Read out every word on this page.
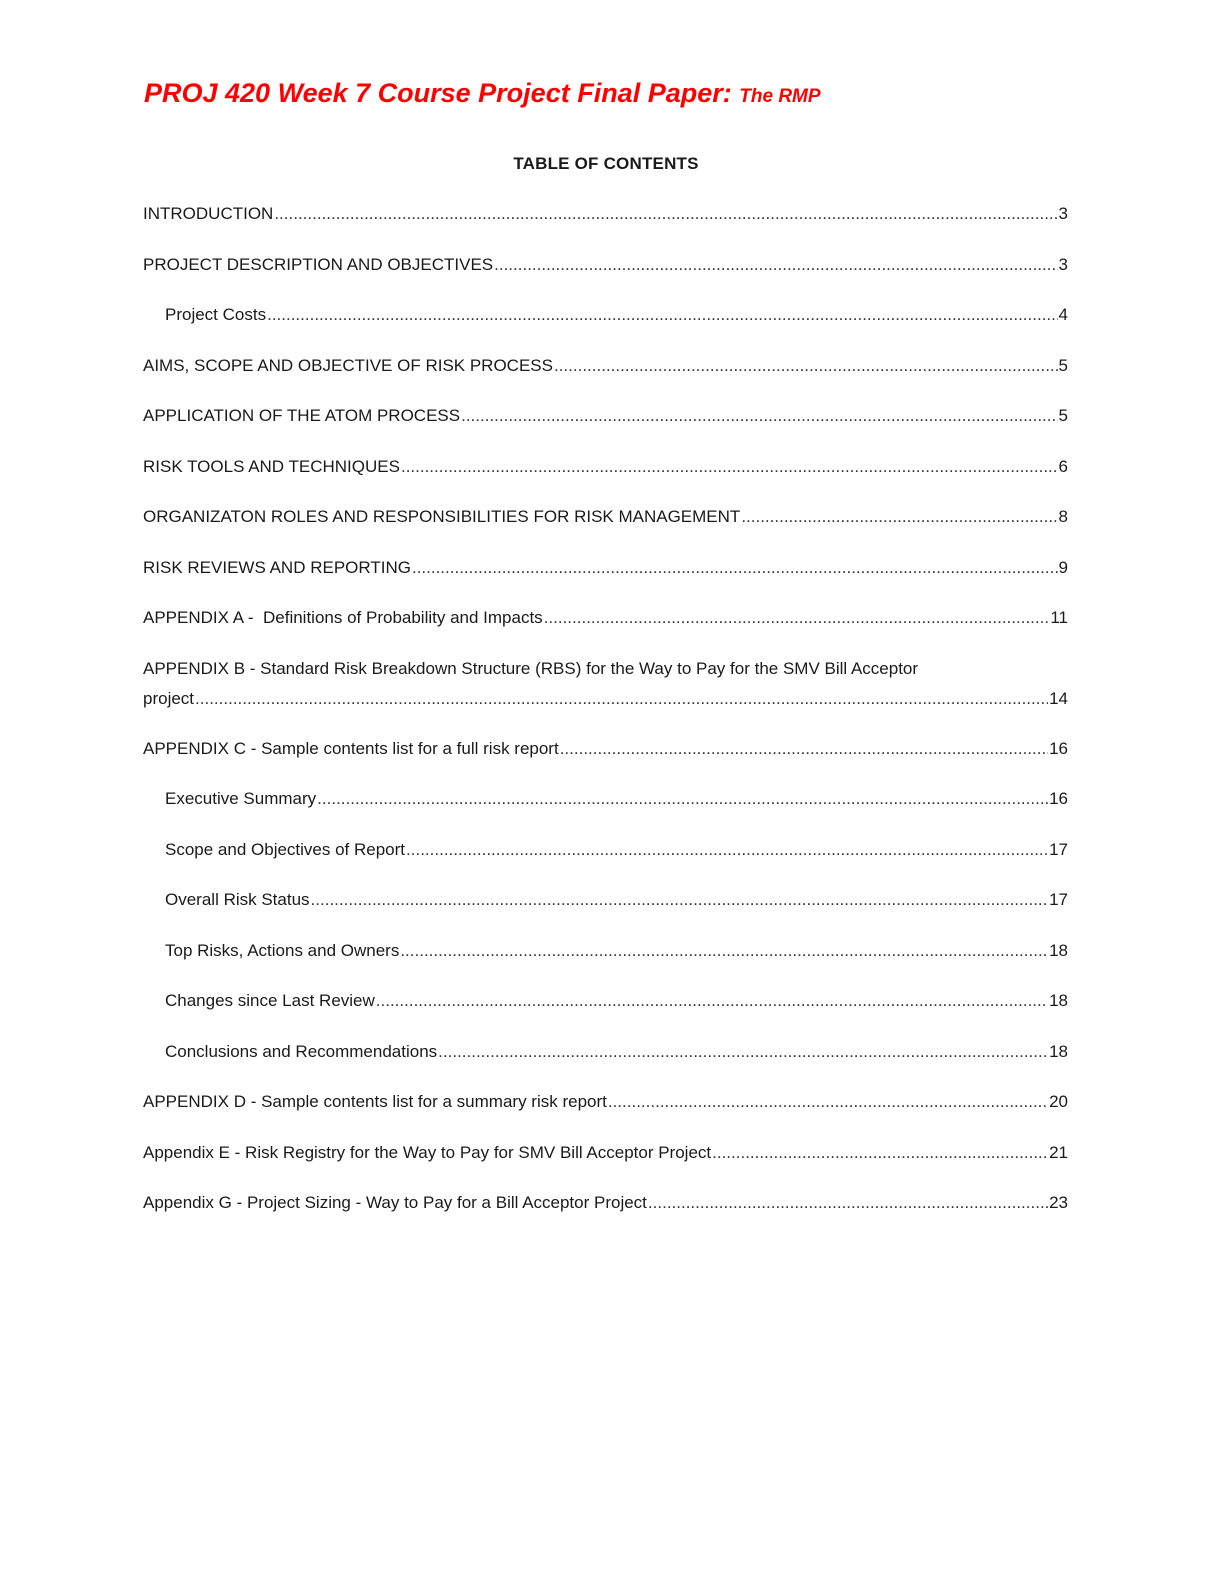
PROJ 420 Week 7 Course Project Final Paper: The RMP
TABLE OF CONTENTS
INTRODUCTION .....	3
PROJECT DESCRIPTION AND OBJECTIVES .....	3
Project Costs .....	4
AIMS, SCOPE AND OBJECTIVE OF RISK PROCESS .....	5
APPLICATION OF THE ATOM PROCESS .....	5
RISK TOOLS AND TECHNIQUES .....	6
ORGANIZATON ROLES AND RESPONSIBILITIES FOR RISK MANAGEMENT .....	8
RISK REVIEWS AND REPORTING .....	9
APPENDIX A -  Definitions of Probability and Impacts .....	11
APPENDIX B - Standard Risk Breakdown Structure (RBS) for the Way to Pay for the SMV Bill Acceptor
project .....	14
APPENDIX C - Sample contents list for a full risk report .....	16
Executive Summary .....	16
Scope and Objectives of Report .....	17
Overall Risk Status .....	17
Top Risks, Actions and Owners .....	18
Changes since Last Review .....	18
Conclusions and Recommendations .....	18
APPENDIX D - Sample contents list for a summary risk report .....	20
Appendix E - Risk Registry for the Way to Pay for SMV Bill Acceptor Project .....	21
Appendix G - Project Sizing - Way to Pay for a Bill Acceptor Project .....	23
